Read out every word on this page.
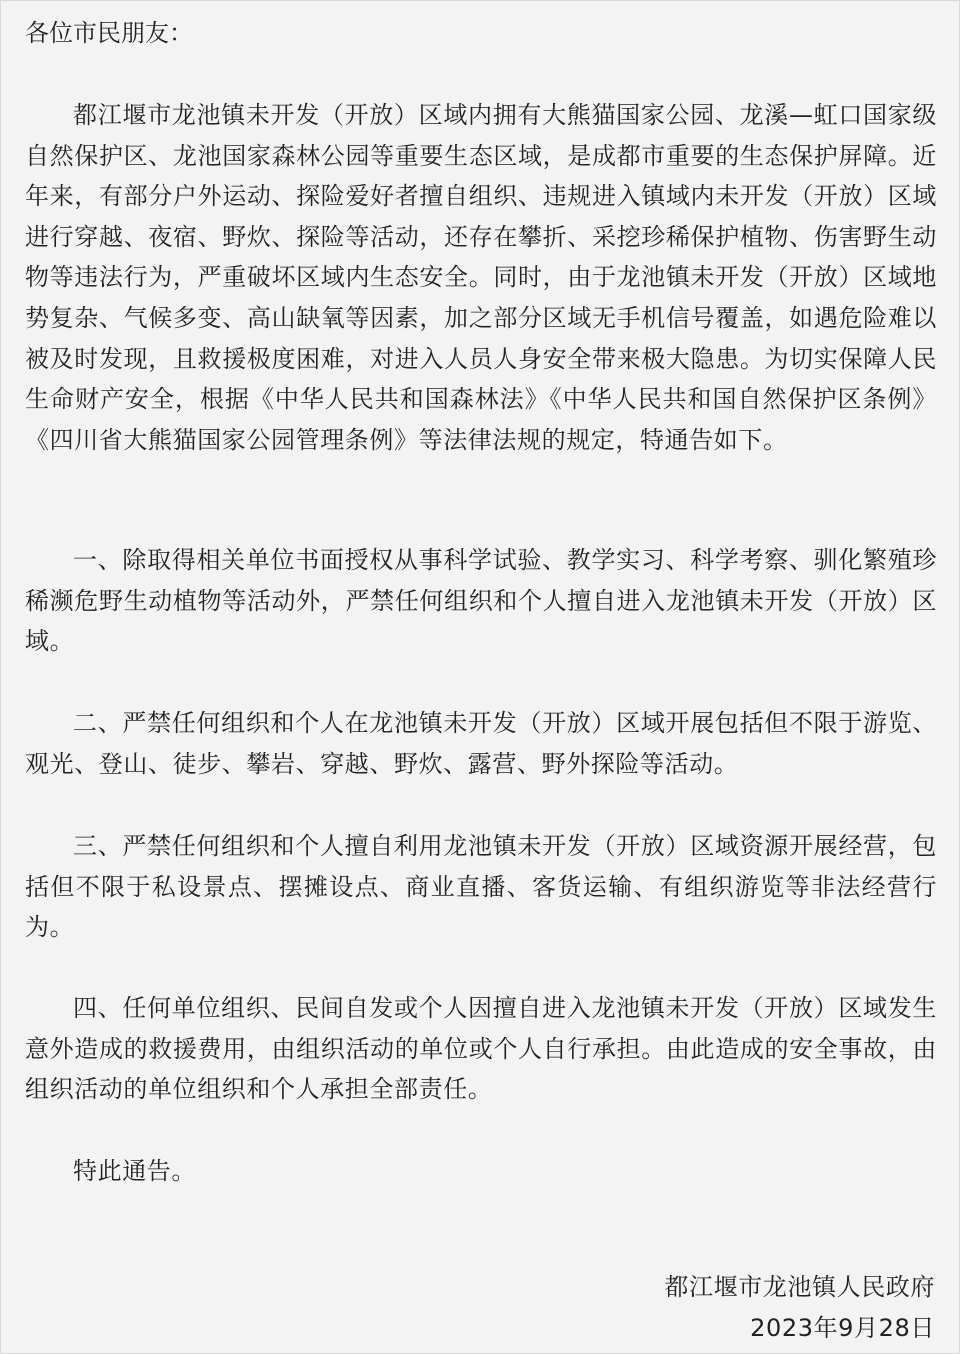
各位市民朋友：

都江堰市龙池镇未开发（开放）区域内拥有大熊猫国家公园、龙溪—虹口国家级自然保护区、龙池国家森林公园等重要生态区域，是成都市重要的生态保护屏障。近年来，有部分户外运动、探险爱好者擅自组织、违规进入镇域内未开发（开放）区域进行穿越、夜宿、野炊、探险等活动，还存在攀折、采挖珍稀保护植物、伤害野生动物等违法行为，严重破坏区域内生态安全。同时，由于龙池镇未开发（开放）区域地势复杂、气候多变、高山缺氧等因素，加之部分区域无手机信号覆盖，如遇危险难以被及时发现，且救援极度困难，对进入人员人身安全带来极大隐患。为切实保障人民生命财产安全，根据《中华人民共和国森林法》《中华人民共和国自然保护区条例》《四川省大熊猫国家公园管理条例》等法律法规的规定，特通告如下。

一、除取得相关单位书面授权从事科学试验、教学实习、科学考察、驯化繁殖珍稀濒危野生动植物等活动外，严禁任何组织和个人擅自进入龙池镇未开发（开放）区域。

二、严禁任何组织和个人在龙池镇未开发（开放）区域开展包括但不限于游览、观光、登山、徒步、攀岩、穿越、野炊、露营、野外探险等活动。

三、严禁任何组织和个人擅自利用龙池镇未开发（开放）区域资源开展经营，包括但不限于私设景点、摆摊设点、商业直播、客货运输、有组织游览等非法经营行为。

四、任何单位组织、民间自发或个人因擅自进入龙池镇未开发（开放）区域发生意外造成的救援费用，由组织活动的单位或个人自行承担。由此造成的安全事故，由组织活动的单位组织和个人承担全部责任。

特此通告。

都江堰市龙池镇人民政府
2023年9月28日
